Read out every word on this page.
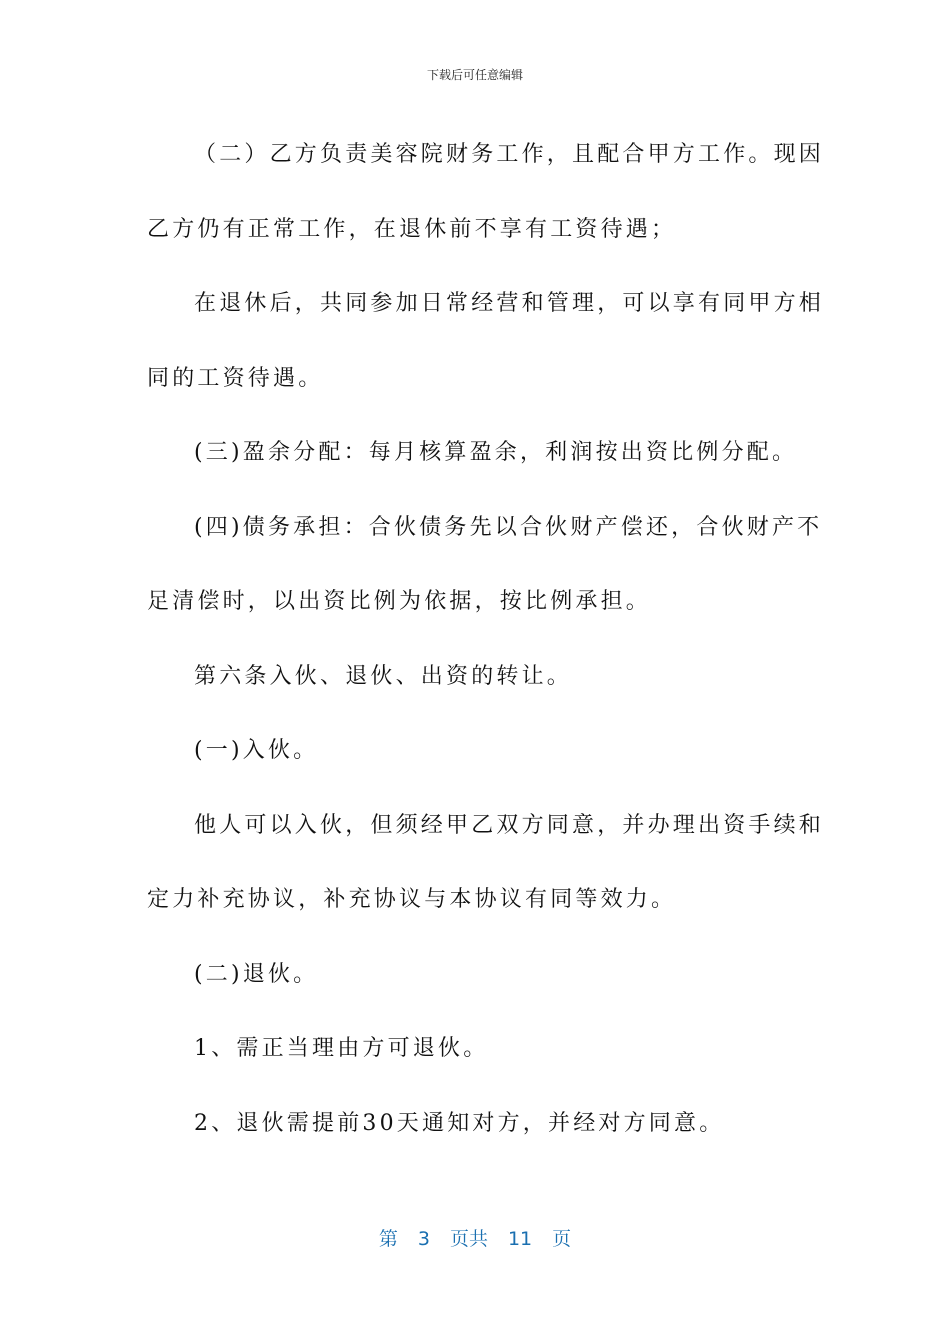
下载后可任意编辑

（二）乙方负责美容院财务工作，且配合甲方工作。现因

乙方仍有正常工作，在退休前不享有工资待遇；

在退休后，共同参加日常经营和管理，可以享有同甲方相

同的工资待遇。

(三)盈余分配：每月核算盈余，利润按出资比例分配。

(四)债务承担：合伙债务先以合伙财产偿还，合伙财产不

足清偿时，以出资比例为依据，按比例承担。

第六条入伙、退伙、出资的转让。

(一)入伙。

他人可以入伙，但须经甲乙双方同意，并办理出资手续和

定力补充协议，补充协议与本协议有同等效力。

(二)退伙。

1、需正当理由方可退伙。

2、退伙需提前30天通知对方，并经对方同意。

第 3 页共 11 页
